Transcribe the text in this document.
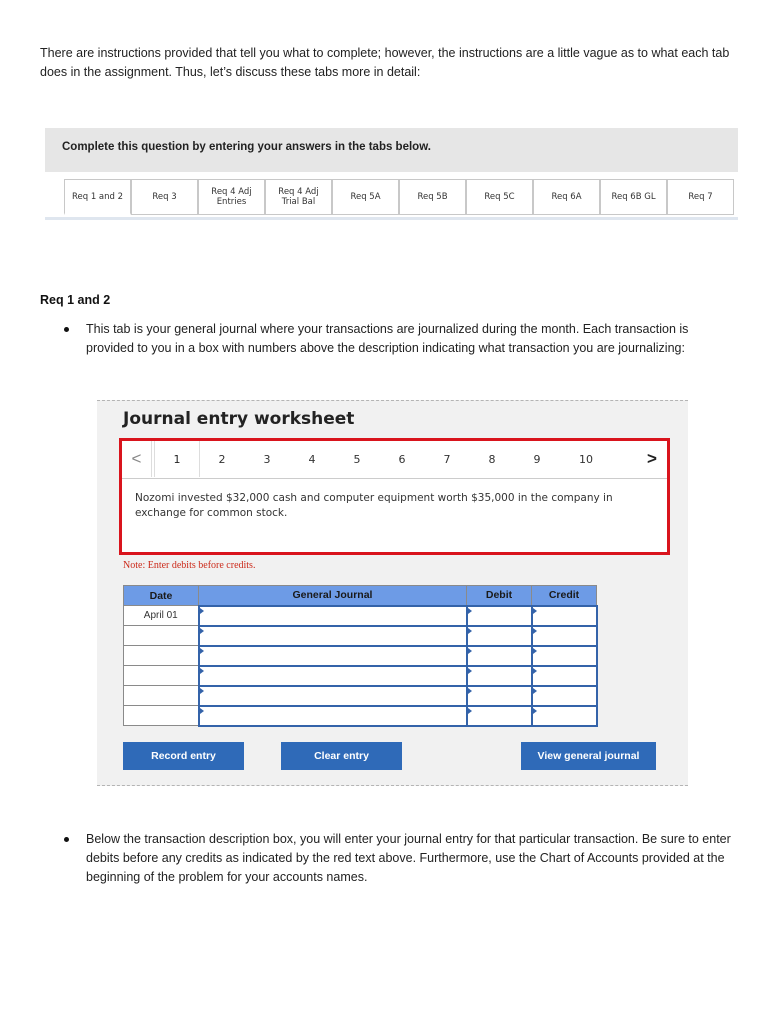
There are instructions provided that tell you what to complete; however, the instructions are a little vague as to what each tab does in the assignment. Thus, let’s discuss these tabs more in detail:

Complete this question by entering your answers in the tabs below.
Req 1 and 2	Req 3	Req 4 Adj
Entries
Req 4 Adj
Trial Bal	Req 5A	Req 5B	Req 5C	Req 6A	Req 6B GL	Req 7
Req 1 and 2

This tab is your general journal where your transactions are journalized during the month. Each transaction is provided to you in a box with numbers above the description indicating what transaction you are journalizing:

Journal entry worksheet
<	1	2	3	4	5	6	7	8	9	10	>

Nozomi invested $32,000 cash and computer equipment worth $35,000 in the company in exchange for common stock.

Note: Enter debits before credits.
Date	General Journal	Debit	Credit
April 01			

Record entry	Clear entry	View general journal

Below the transaction description box, you will enter your journal entry for that particular transaction. Be sure to enter debits before any credits as indicated by the red text above. Furthermore, use the Chart of Accounts provided at the beginning of the problem for your accounts names.
